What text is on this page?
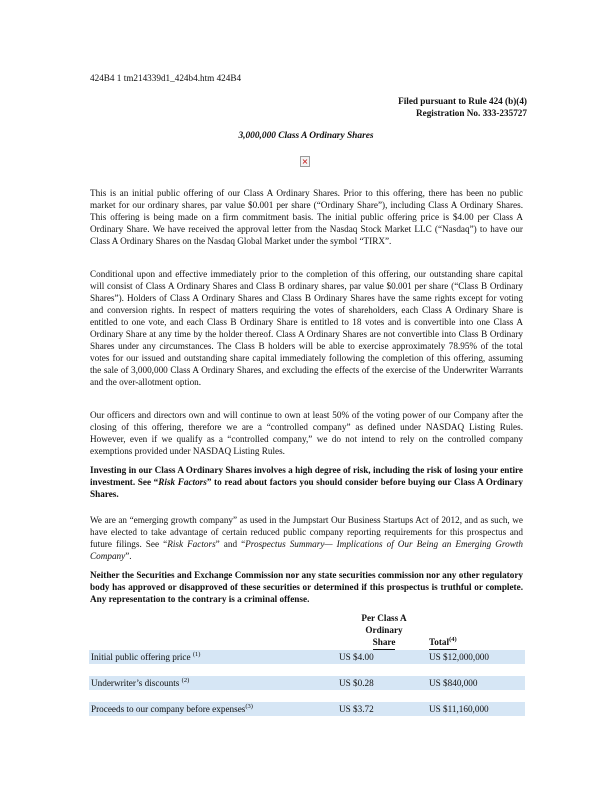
424B4 1 tm214339d1_424b4.htm 424B4
Filed pursuant to Rule 424 (b)(4)
Registration No. 333-235727
3,000,000 Class A Ordinary Shares
×

This is an initial public offering of our Class A Ordinary Shares. Prior to this offering, there has been no public market for our ordinary shares, par value $0.001 per share (“Ordinary Share”), including Class A Ordinary Shares. This offering is being made on a firm commitment basis. The initial public offering price is $4.00 per Class A Ordinary Share. We have received the approval letter from the Nasdaq Stock Market LLC (“Nasdaq”) to have our Class A Ordinary Shares on the Nasdaq Global Market under the symbol “TIRX”.

Conditional upon and effective immediately prior to the completion of this offering, our outstanding share capital will consist of Class A Ordinary Shares and Class B ordinary shares, par value $0.001 per share (“Class B Ordinary Shares”). Holders of Class A Ordinary Shares and Class B Ordinary Shares have the same rights except for voting and conversion rights. In respect of matters requiring the votes of shareholders, each Class A Ordinary Share is entitled to one vote, and each Class B Ordinary Share is entitled to 18 votes and is convertible into one Class A Ordinary Share at any time by the holder thereof. Class A Ordinary Shares are not convertible into Class B Ordinary Shares under any circumstances. The Class B holders will be able to exercise approximately 78.95% of the total votes for our issued and outstanding share capital immediately following the completion of this offering, assuming the sale of 3,000,000 Class A Ordinary Shares, and excluding the effects of the exercise of the Underwriter Warrants and the over-allotment option.

Our officers and directors own and will continue to own at least 50% of the voting power of our Company after the closing of this offering, therefore we are a “controlled company” as defined under NASDAQ Listing Rules. However, even if we qualify as a “controlled company,” we do not intend to rely on the controlled company exemptions provided under NASDAQ Listing Rules.

Investing in our Class A Ordinary Shares involves a high degree of risk, including the risk of losing your entire investment. See “Risk Factors” to read about factors you should consider before buying our Class A Ordinary Shares.

We are an “emerging growth company” as used in the Jumpstart Our Business Startups Act of 2012, and as such, we have elected to take advantage of certain reduced public company reporting requirements for this prospectus and future filings. See “Risk Factors” and “Prospectus Summary— Implications of Our Being an Emerging Growth Company”.

Neither the Securities and Exchange Commission nor any state securities commission nor any other regulatory body has approved or disapproved of these securities or determined if this prospectus is truthful or complete. Any representation to the contrary is a criminal offense.

	Per Class A
Ordinary
Share	Total$^{(4)}$
Initial public offering price $^{(1)}$	US $4.00	US $12,000,000

Underwriter’s discounts $^{(2)}$	US $0.28	US $840,000

Proceeds to our company before expenses$^{(3)}$	US $3.72	US $11,160,000
